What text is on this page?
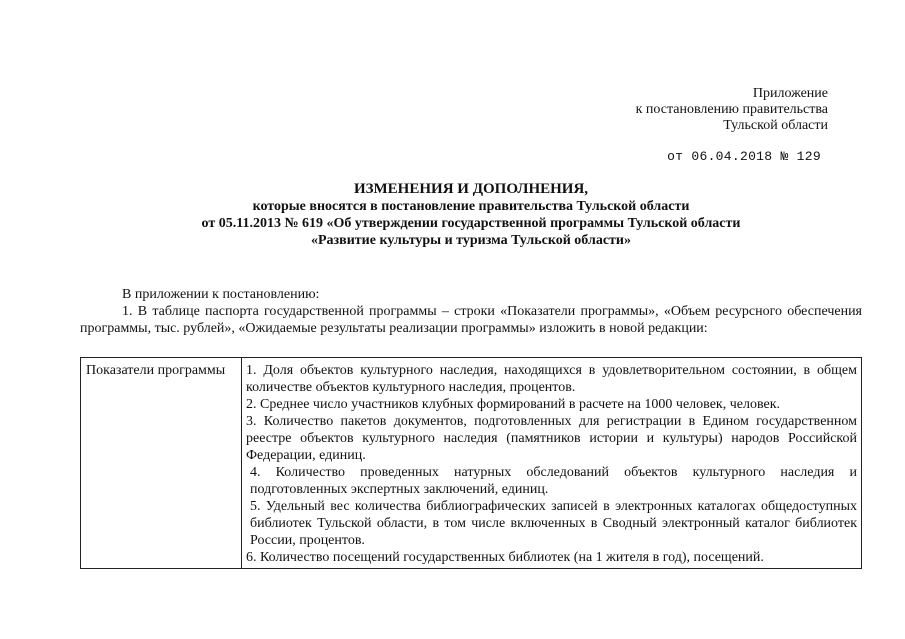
Приложение
к постановлению правительства
Тульской области
от 06.04.2018 № 129
ИЗМЕНЕНИЯ И ДОПОЛНЕНИЯ,
которые вносятся в постановление правительства Тульской области
от 05.11.2013 № 619 «Об утверждении государственной программы Тульской области
«Развитие культуры и туризма Тульской области»

В приложении к постановлению:

1. В таблице паспорта государственной программы – строки «Показатели программы», «Объем ресурсного обеспечения программы, тыс. рублей», «Ожидаемые результаты реализации программы» изложить в новой редакции:

Показатели программы	1. Доля объектов культурного наследия, находящихся в удовлетворительном состоянии, в общем количестве объектов культурного наследия, процентов.
2. Среднее число участников клубных формирований в расчете на 1000 человек, человек.
3. Количество пакетов документов, подготовленных для регистрации в Едином государственном реестре объектов культурного наследия (памятников истории и культуры) народов Российской Федерации, единиц.
4. Количество проведенных натурных обследований объектов культурного наследия и подготовленных экспертных заключений, единиц.
5. Удельный вес количества библиографических записей в электронных каталогах общедоступных библиотек Тульской области, в том числе включенных в Сводный электронный каталог библиотек России, процентов.
6. Количество посещений государственных библиотек (на 1 жителя в год), посещений.
